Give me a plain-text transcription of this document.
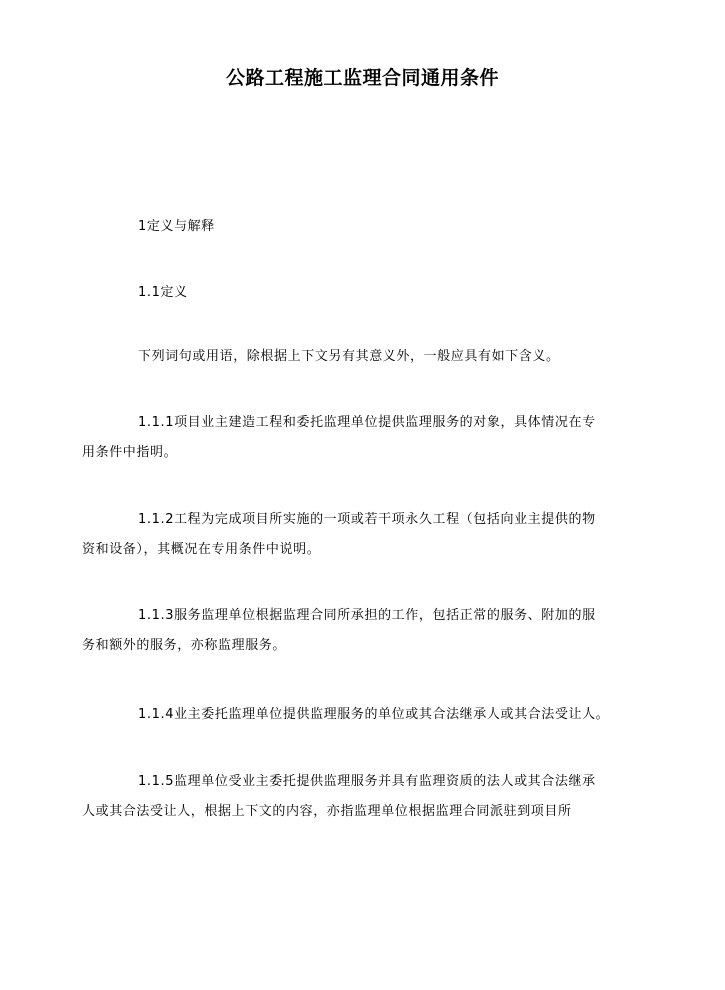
公路工程施工监理合同通用条件

1定义与解释

1.1定义

下列词句或用语，除根据上下文另有其意义外，一般应具有如下含义。

1.1.1项目业主建造工程和委托监理单位提供监理服务的对象，具体情况在专
用条件中指明。

1.1.2工程为完成项目所实施的一项或若干项永久工程（包括向业主提供的物
资和设备），其概况在专用条件中说明。

1.1.3服务监理单位根据监理合同所承担的工作，包括正常的服务、附加的服
务和额外的服务，亦称监理服务。

1.1.4业主委托监理单位提供监理服务的单位或其合法继承人或其合法受让人。

1.1.5监理单位受业主委托提供监理服务并具有监理资质的法人或其合法继承
人或其合法受让人，根据上下文的内容，亦指监理单位根据监理合同派驻到项目所
